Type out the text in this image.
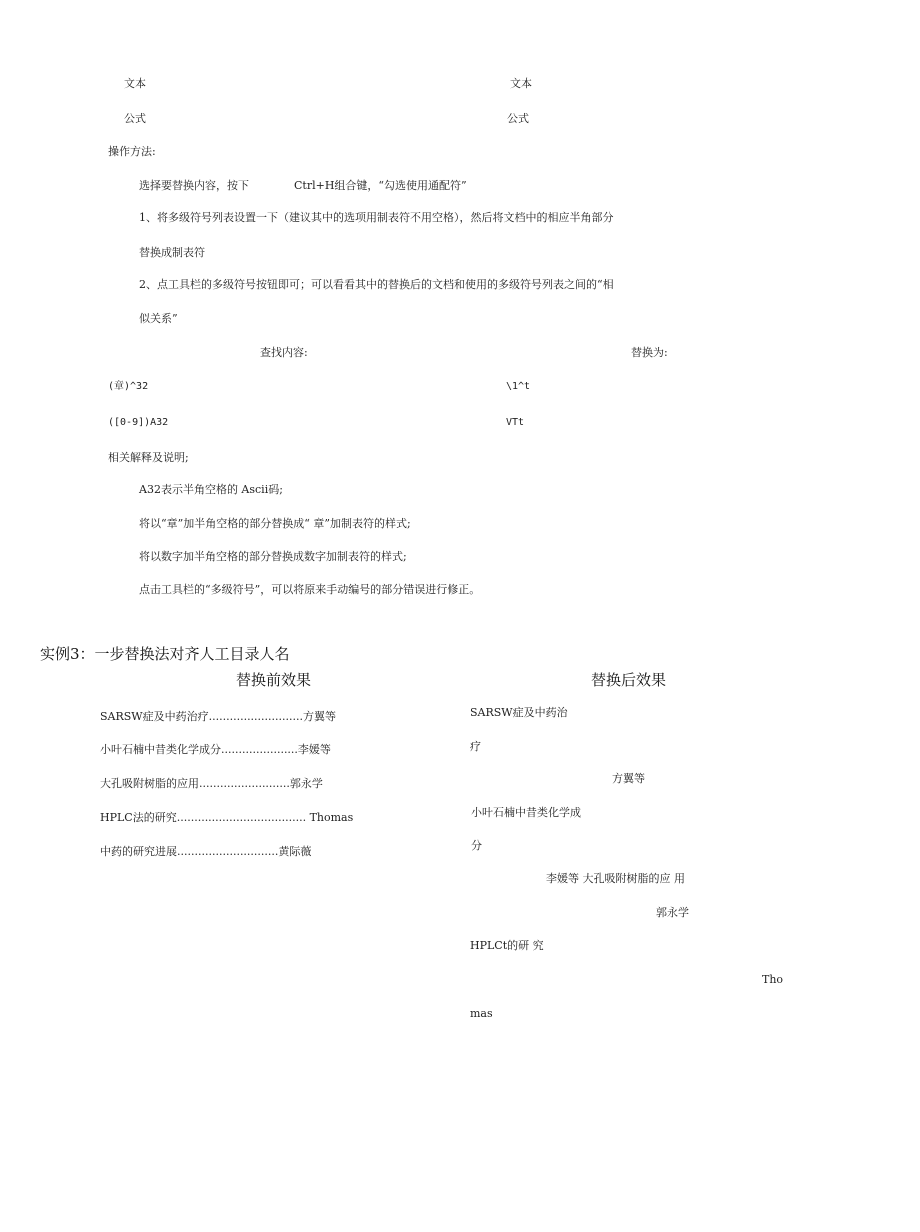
文本	文本
公式	公式
操作方法:
选择要替换内容，按下	Ctrl+H组合键，“勾选使用通配符”
1、将多级符号列表设置一下（建议其中的选项用制表符不用空格），然后将文档中的相应半角部分
替换成制表符
2、点工具栏的多级符号按钮即可；可以看看其中的替换后的文档和使用的多级符号列表之间的“相
似关系”
查找内容:	替换为:
(章)^32	\1^t
([0-9])A32	VTt
相关解释及说明;
A32表示半角空格的 Ascii码;
将以“章”加半角空格的部分替换成“ 章”加制表符的样式;
将以数字加半角空格的部分替换成数字加制表符的样式;
点击工具栏的“多级符号”，可以将原来手动编号的部分错误进行修正。
实例3：一步替换法对齐人工目录人名
替换前效果	替换后效果
SARSW症及中药治疗...........................方翼等
小叶石楠中昔类化学成分......................李媛等
大孔吸附树脂的应用..........................郭永学
HPLC法的研究..................................... Thomas
中药的研究进展.............................黄际薇
SARSW症及中药治
疗
方翼等
小叶石楠中昔类化学成
分
李媛等 大孔吸附树脂的应 用
郭永学
HPLCt的研 究
Tho
mas
